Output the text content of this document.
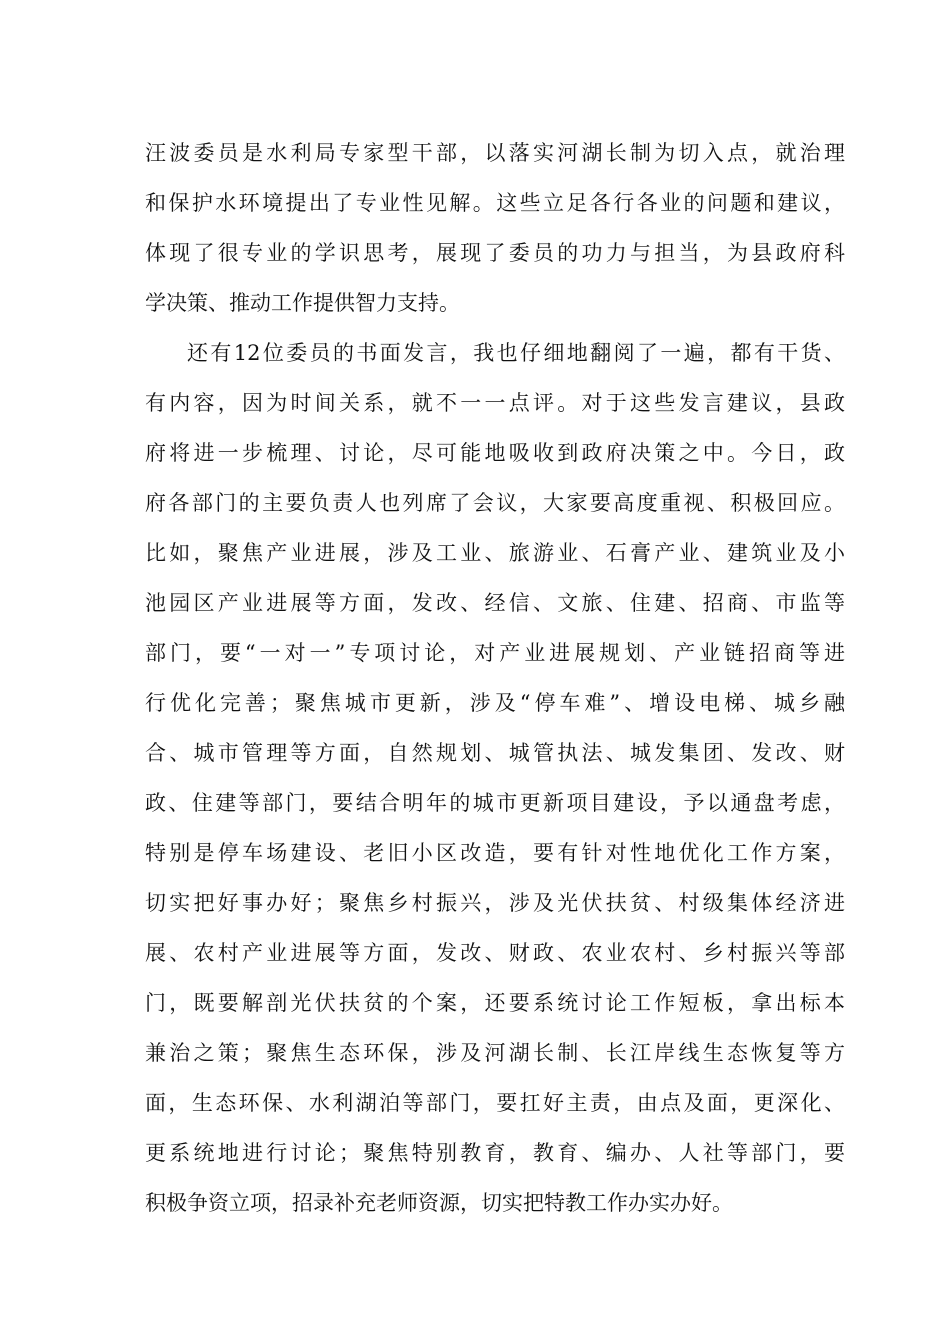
汪波委员是水利局专家型干部，以落实河湖长制为切入点，就治理
和保护水环境提出了专业性见解。这些立足各行各业的问题和建议，
体现了很专业的学识思考，展现了委员的功力与担当，为县政府科
学决策、推动工作提供智力支持。
还有12位委员的书面发言，我也仔细地翻阅了一遍，都有干货、
有内容，因为时间关系，就不一一点评。对于这些发言建议，县政
府将进一步梳理、讨论，尽可能地吸收到政府决策之中。今日，政
府各部门的主要负责人也列席了会议，大家要高度重视、积极回应。
比如，聚焦产业进展，涉及工业、旅游业、石膏产业、建筑业及小
池园区产业进展等方面，发改、经信、文旅、住建、招商、市监等
部门，要“一对一”专项讨论，对产业进展规划、产业链招商等进
行优化完善；聚焦城市更新，涉及“停车难”、增设电梯、城乡融
合、城市管理等方面，自然规划、城管执法、城发集团、发改、财
政、住建等部门，要结合明年的城市更新项目建设，予以通盘考虑，
特别是停车场建设、老旧小区改造，要有针对性地优化工作方案，
切实把好事办好；聚焦乡村振兴，涉及光伏扶贫、村级集体经济进
展、农村产业进展等方面，发改、财政、农业农村、乡村振兴等部
门，既要解剖光伏扶贫的个案，还要系统讨论工作短板，拿出标本
兼治之策；聚焦生态环保，涉及河湖长制、长江岸线生态恢复等方
面，生态环保、水利湖泊等部门，要扛好主责，由点及面，更深化、
更系统地进行讨论；聚焦特别教育，教育、编办、人社等部门，要
积极争资立项，招录补充老师资源，切实把特教工作办实办好。
